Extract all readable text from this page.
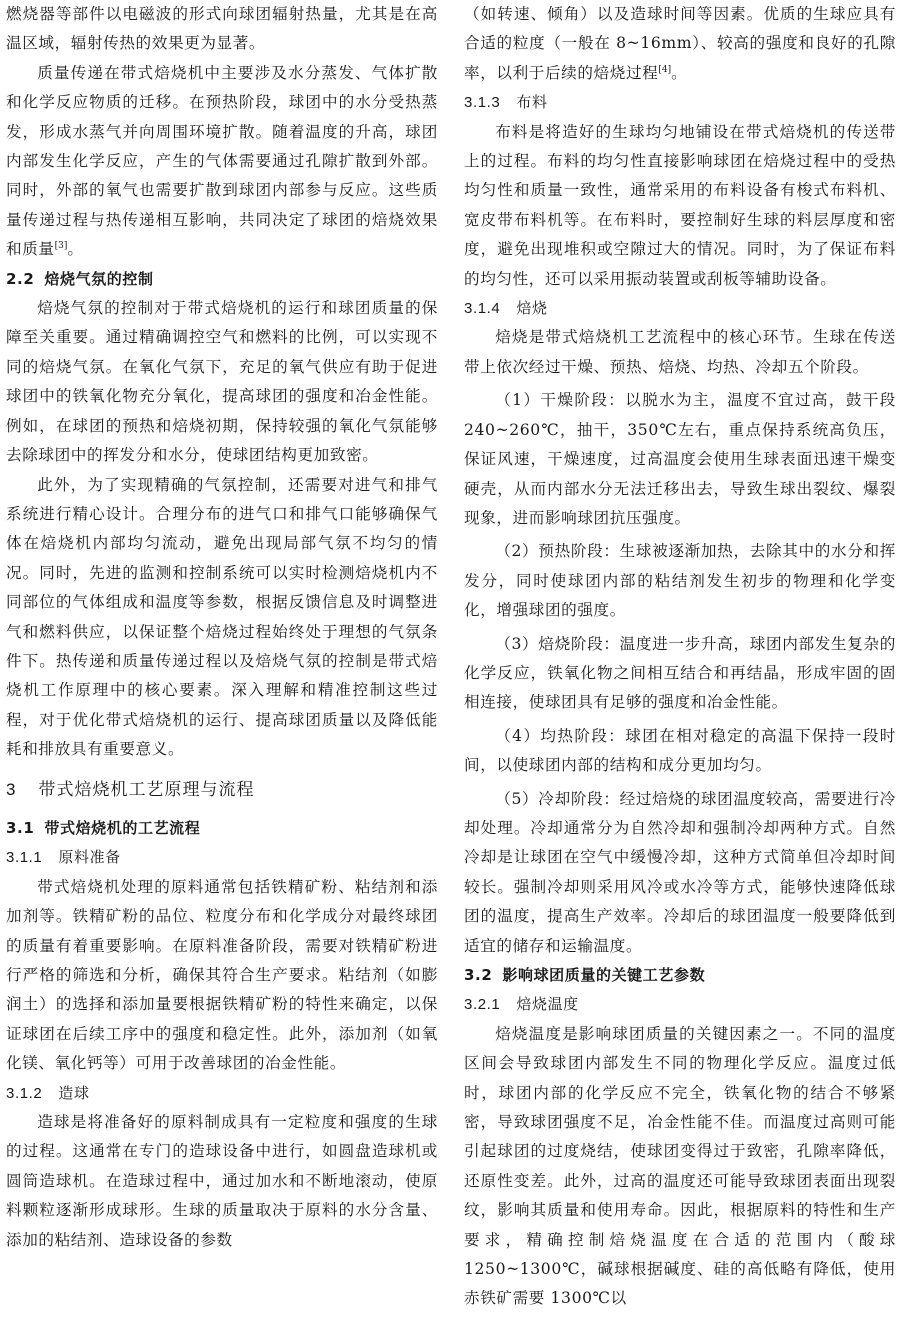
燃烧器等部件以电磁波的形式向球团辐射热量，尤其是在高温区域，辐射传热的效果更为显著。

质量传递在带式焙烧机中主要涉及水分蒸发、气体扩散和化学反应物质的迁移。在预热阶段，球团中的水分受热蒸发，形成水蒸气并向周围环境扩散。随着温度的升高，球团内部发生化学反应，产生的气体需要通过孔隙扩散到外部。同时，外部的氧气也需要扩散到球团内部参与反应。这些质量传递过程与热传递相互影响，共同决定了球团的焙烧效果和质量[3]。

2.2 焙烧气氛的控制

焙烧气氛的控制对于带式焙烧机的运行和球团质量的保障至关重要。通过精确调控空气和燃料的比例，可以实现不同的焙烧气氛。在氧化气氛下，充足的氧气供应有助于促进球团中的铁氧化物充分氧化，提高球团的强度和冶金性能。例如，在球团的预热和焙烧初期，保持较强的氧化气氛能够去除球团中的挥发分和水分，使球团结构更加致密。

此外，为了实现精确的气氛控制，还需要对进气和排气系统进行精心设计。合理分布的进气口和排气口能够确保气体在焙烧机内部均匀流动，避免出现局部气氛不均匀的情况。同时，先进的监测和控制系统可以实时检测焙烧机内不同部位的气体组成和温度等参数，根据反馈信息及时调整进气和燃料供应，以保证整个焙烧过程始终处于理想的气氛条件下。热传递和质量传递过程以及焙烧气氛的控制是带式焙烧机工作原理中的核心要素。深入理解和精准控制这些过程，对于优化带式焙烧机的运行、提高球团质量以及降低能耗和排放具有重要意义。

3 带式焙烧机工艺原理与流程
3.1 带式焙烧机的工艺流程
3.1.1 原料准备

带式焙烧机处理的原料通常包括铁精矿粉、粘结剂和添加剂等。铁精矿粉的品位、粒度分布和化学成分对最终球团的质量有着重要影响。在原料准备阶段，需要对铁精矿粉进行严格的筛选和分析，确保其符合生产要求。粘结剂（如膨润土）的选择和添加量要根据铁精矿粉的特性来确定，以保证球团在后续工序中的强度和稳定性。此外，添加剂（如氧化镁、氧化钙等）可用于改善球团的冶金性能。

3.1.2 造球

造球是将准备好的原料制成具有一定粒度和强度的生球的过程。这通常在专门的造球设备中进行，如圆盘造球机或圆筒造球机。在造球过程中，通过加水和不断地滚动，使原料颗粒逐渐形成球形。生球的质量取决于原料的水分含量、添加的粘结剂、造球设备的参数

（如转速、倾角）以及造球时间等因素。优质的生球应具有合适的粒度（一般在 8~16mm）、较高的强度和良好的孔隙率，以利于后续的焙烧过程[4]。

3.1.3 布料

布料是将造好的生球均匀地铺设在带式焙烧机的传送带上的过程。布料的均匀性直接影响球团在焙烧过程中的受热均匀性和质量一致性，通常采用的布料设备有梭式布料机、宽皮带布料机等。在布料时，要控制好生球的料层厚度和密度，避免出现堆积或空隙过大的情况。同时，为了保证布料的均匀性，还可以采用振动装置或刮板等辅助设备。

3.1.4 焙烧

焙烧是带式焙烧机工艺流程中的核心环节。生球在传送带上依次经过干燥、预热、焙烧、均热、冷却五个阶段。

（1）干燥阶段：以脱水为主，温度不宜过高，鼓干段 240~260℃，抽干，350℃左右，重点保持系统高负压，保证风速，干燥速度，过高温度会使用生球表面迅速干燥变硬壳，从而内部水分无法迁移出去，导致生球出裂纹、爆裂现象，进而影响球团抗压强度。

（2）预热阶段：生球被逐渐加热，去除其中的水分和挥发分，同时使球团内部的粘结剂发生初步的物理和化学变化，增强球团的强度。

（3）焙烧阶段：温度进一步升高，球团内部发生复杂的化学反应，铁氧化物之间相互结合和再结晶，形成牢固的固相连接，使球团具有足够的强度和冶金性能。

（4）均热阶段：球团在相对稳定的高温下保持一段时间，以使球团内部的结构和成分更加均匀。

（5）冷却阶段：经过焙烧的球团温度较高，需要进行冷却处理。冷却通常分为自然冷却和强制冷却两种方式。自然冷却是让球团在空气中缓慢冷却，这种方式简单但冷却时间较长。强制冷却则采用风冷或水冷等方式，能够快速降低球团的温度，提高生产效率。冷却后的球团温度一般要降低到适宜的储存和运输温度。

3.2 影响球团质量的关键工艺参数
3.2.1 焙烧温度

焙烧温度是影响球团质量的关键因素之一。不同的温度区间会导致球团内部发生不同的物理化学反应。温度过低时，球团内部的化学反应不完全，铁氧化物的结合不够紧密，导致球团强度不足，冶金性能不佳。而温度过高则可能引起球团的过度烧结，使球团变得过于致密，孔隙率降低，还原性变差。此外，过高的温度还可能导致球团表面出现裂纹，影响其质量和使用寿命。因此，根据原料的特性和生产要求，精确控制焙烧温度在合适的范围内（酸球 1250~1300℃，碱球根据碱度、硅的高低略有降低，使用赤铁矿需要 1300℃以
